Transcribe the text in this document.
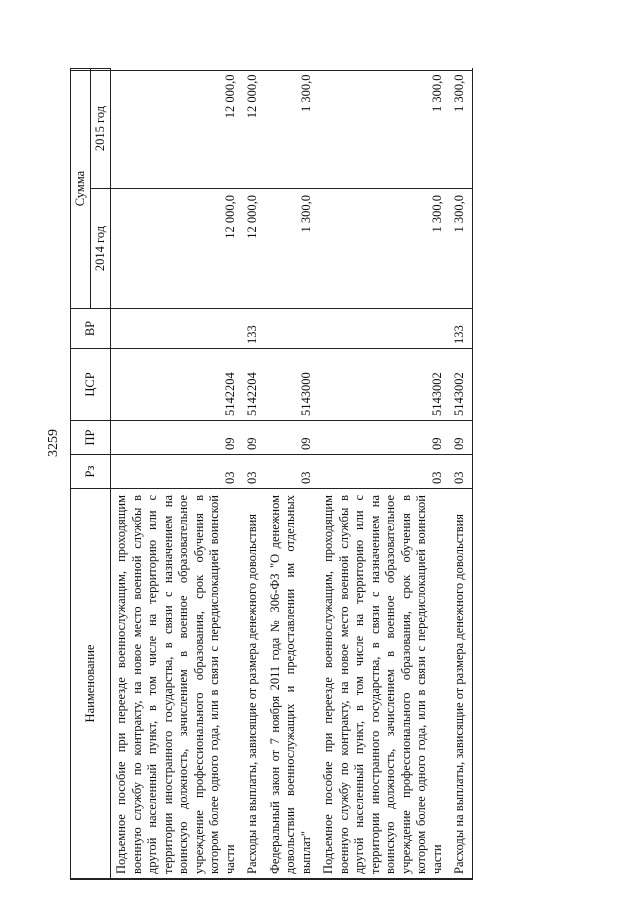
3259
Наименование	Рз	ПР	ЦСР	ВР	Сумма	
					2014 год	2015 год
Подъемное пособие при переезде военнослужащим, проходящим военную службу по контракту, на новое место военной службы в другой населенный пункт, в том числе на территорию или с территории иностранного государства, в связи с назначением на воинскую должность, зачислением в военное образовательное учреждение профессионального образования, срок обучения в котором более одного года, или в связи с передислокацией воинской части	03	09	5142204		12 000,0	12 000,0
Расходы на выплаты, зависящие от размера денежного довольствия	03	09	5142204	133	12 000,0	12 000,0
Федеральный закон от 7 ноября 2011 года № 306-ФЗ "О денежном довольствии военнослужащих и предоставлении им отдельных выплат"	03	09	5143000		1 300,0	1 300,0
Подъемное пособие при переезде военнослужащим, проходящим военную службу по контракту, на новое место военной службы в другой населенный пункт, в том числе на территорию или с территории иностранного государства, в связи с назначением на воинскую должность, зачислением в военное образовательное учреждение профессионального образования, срок обучения в котором более одного года, или в связи с передислокацией воинской части	03	09	5143002		1 300,0	1 300,0
Расходы на выплаты, зависящие от размера денежного довольствия	03	09	5143002	133	1 300,0	1 300,0
